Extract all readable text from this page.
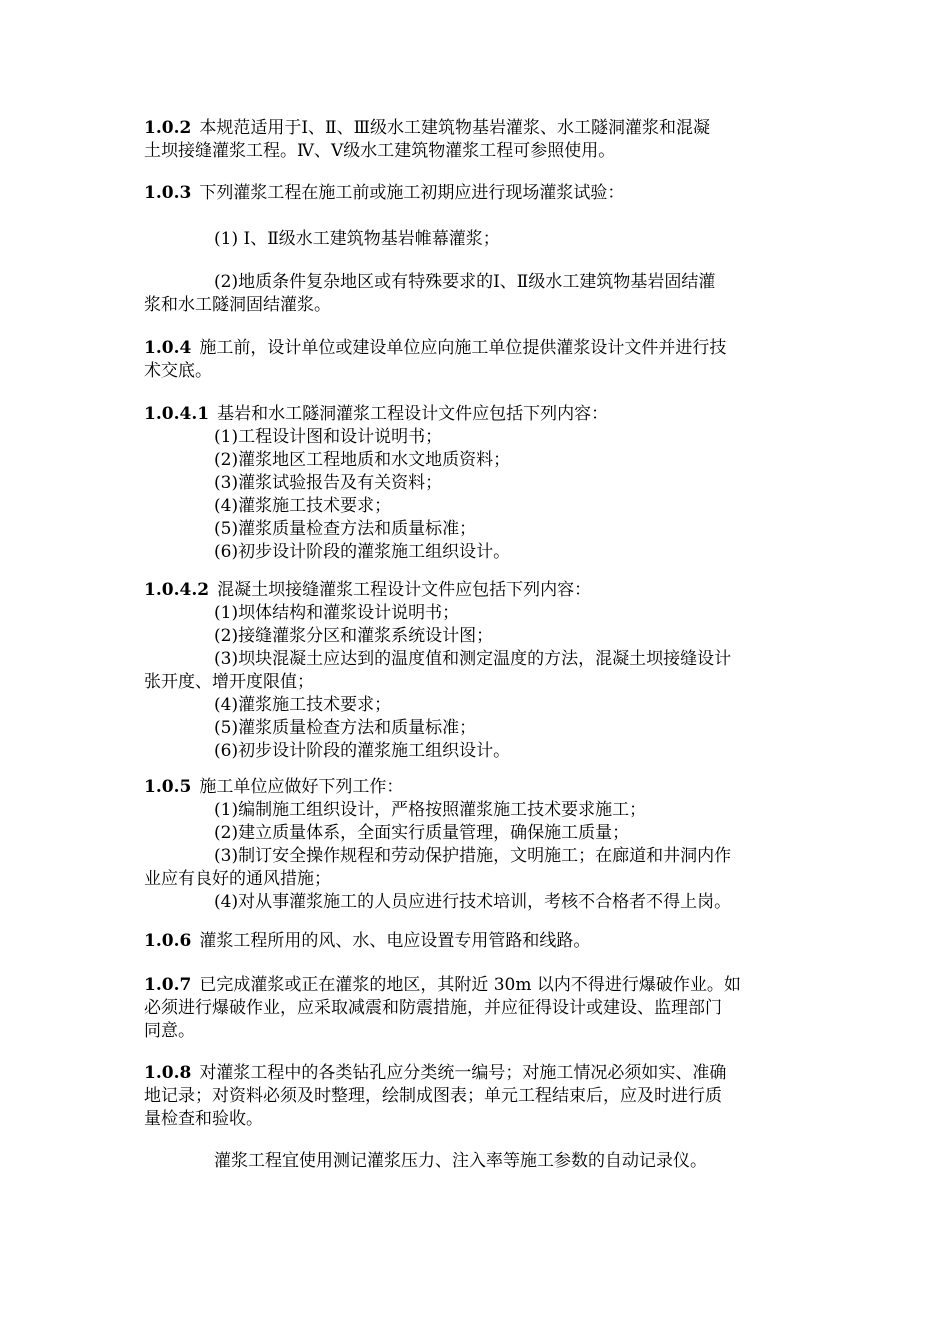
1.0.2 本规范适用于Ⅰ、Ⅱ、Ⅲ级水工建筑物基岩灌浆、水工隧洞灌浆和混凝
土坝接缝灌浆工程。Ⅳ、Ⅴ级水工建筑物灌浆工程可参照使用。
1.0.3 下列灌浆工程在施工前或施工初期应进行现场灌浆试验：
(1) Ⅰ、Ⅱ级水工建筑物基岩帷幕灌浆；
(2)地质条件复杂地区或有特殊要求的Ⅰ、Ⅱ级水工建筑物基岩固结灌
浆和水工隧洞固结灌浆。
1.0.4 施工前，设计单位或建设单位应向施工单位提供灌浆设计文件并进行技
术交底。
1.0.4.1 基岩和水工隧洞灌浆工程设计文件应包括下列内容：
(1)工程设计图和设计说明书；
(2)灌浆地区工程地质和水文地质资料；
(3)灌浆试验报告及有关资料；
(4)灌浆施工技术要求；
(5)灌浆质量检查方法和质量标准；
(6)初步设计阶段的灌浆施工组织设计。
1.0.4.2 混凝土坝接缝灌浆工程设计文件应包括下列内容：
(1)坝体结构和灌浆设计说明书；
(2)接缝灌浆分区和灌浆系统设计图；
(3)坝块混凝土应达到的温度值和测定温度的方法，混凝土坝接缝设计
张开度、增开度限值；
(4)灌浆施工技术要求；
(5)灌浆质量检查方法和质量标准；
(6)初步设计阶段的灌浆施工组织设计。
1.0.5 施工单位应做好下列工作：
(1)编制施工组织设计，严格按照灌浆施工技术要求施工；
(2)建立质量体系，全面实行质量管理，确保施工质量；
(3)制订安全操作规程和劳动保护措施，文明施工；在廊道和井洞内作
业应有良好的通风措施；
(4)对从事灌浆施工的人员应进行技术培训，考核不合格者不得上岗。
1.0.6 灌浆工程所用的风、水、电应设置专用管路和线路。
1.0.7 已完成灌浆或正在灌浆的地区，其附近 30m 以内不得进行爆破作业。如
必须进行爆破作业，应采取减震和防震措施，并应征得设计或建设、监理部门
同意。
1.0.8 对灌浆工程中的各类钻孔应分类统一编号；对施工情况必须如实、准确
地记录；对资料必须及时整理，绘制成图表；单元工程结束后，应及时进行质
量检查和验收。
灌浆工程宜使用测记灌浆压力、注入率等施工参数的自动记录仪。
